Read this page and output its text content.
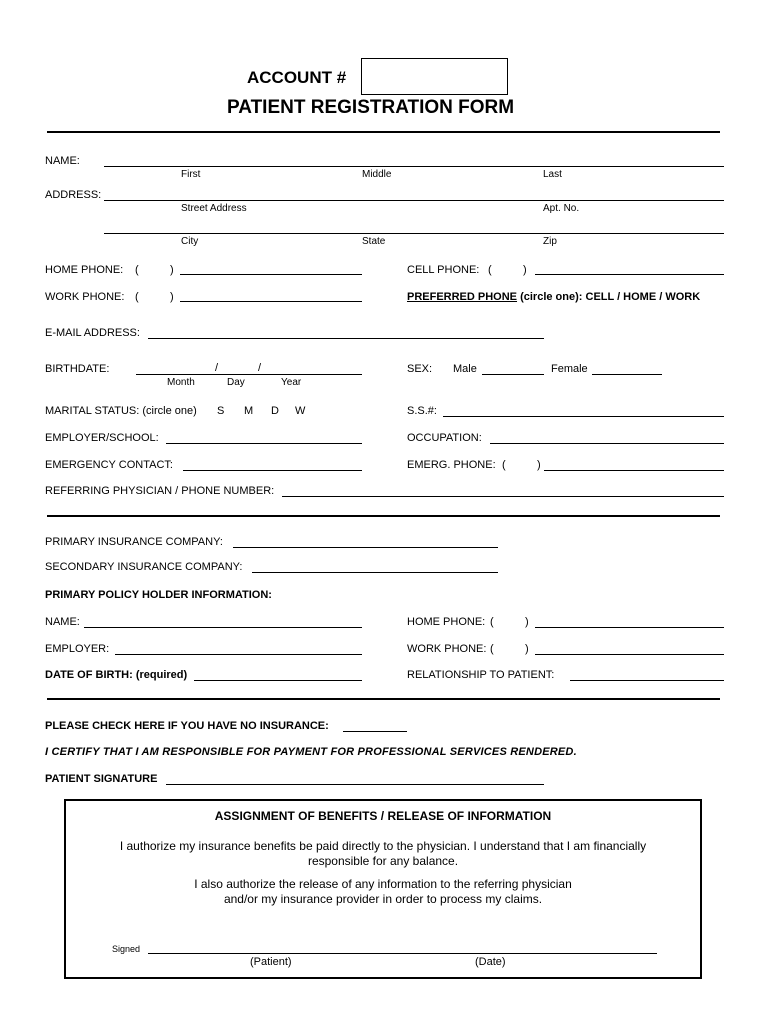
ACCOUNT #
PATIENT REGISTRATION FORM
NAME:
First	Middle	Last
ADDRESS:
Street Address	Apt. No.
City	State	Zip
HOME PHONE: (	)	CELL PHONE: (	)
WORK PHONE: (	)	PREFERRED PHONE (circle one): CELL / HOME / WORK
E-MAIL ADDRESS:
BIRTHDATE:	/	/
Month	Day	Year
SEX: Male	Female
MARITAL STATUS: (circle one) S M D W	S.S.#:
EMPLOYER/SCHOOL:	OCCUPATION:
EMERGENCY CONTACT:	EMERG. PHONE: (	)
REFERRING PHYSICIAN / PHONE NUMBER:
PRIMARY INSURANCE COMPANY:
SECONDARY INSURANCE COMPANY:
PRIMARY POLICY HOLDER INFORMATION:
NAME:	HOME PHONE: (	)
EMPLOYER:	WORK PHONE: (	)
DATE OF BIRTH: (required)	RELATIONSHIP TO PATIENT:
PLEASE CHECK HERE IF YOU HAVE NO INSURANCE:
I CERTIFY THAT I AM RESPONSIBLE FOR PAYMENT FOR PROFESSIONAL SERVICES RENDERED.
PATIENT SIGNATURE
ASSIGNMENT OF BENEFITS / RELEASE OF INFORMATION
I authorize my insurance benefits be paid directly to the physician. I understand that I am financially
responsible for any balance.
I also authorize the release of any information to the referring physician
and/or my insurance provider in order to process my claims.
Signed
(Patient)	(Date)
